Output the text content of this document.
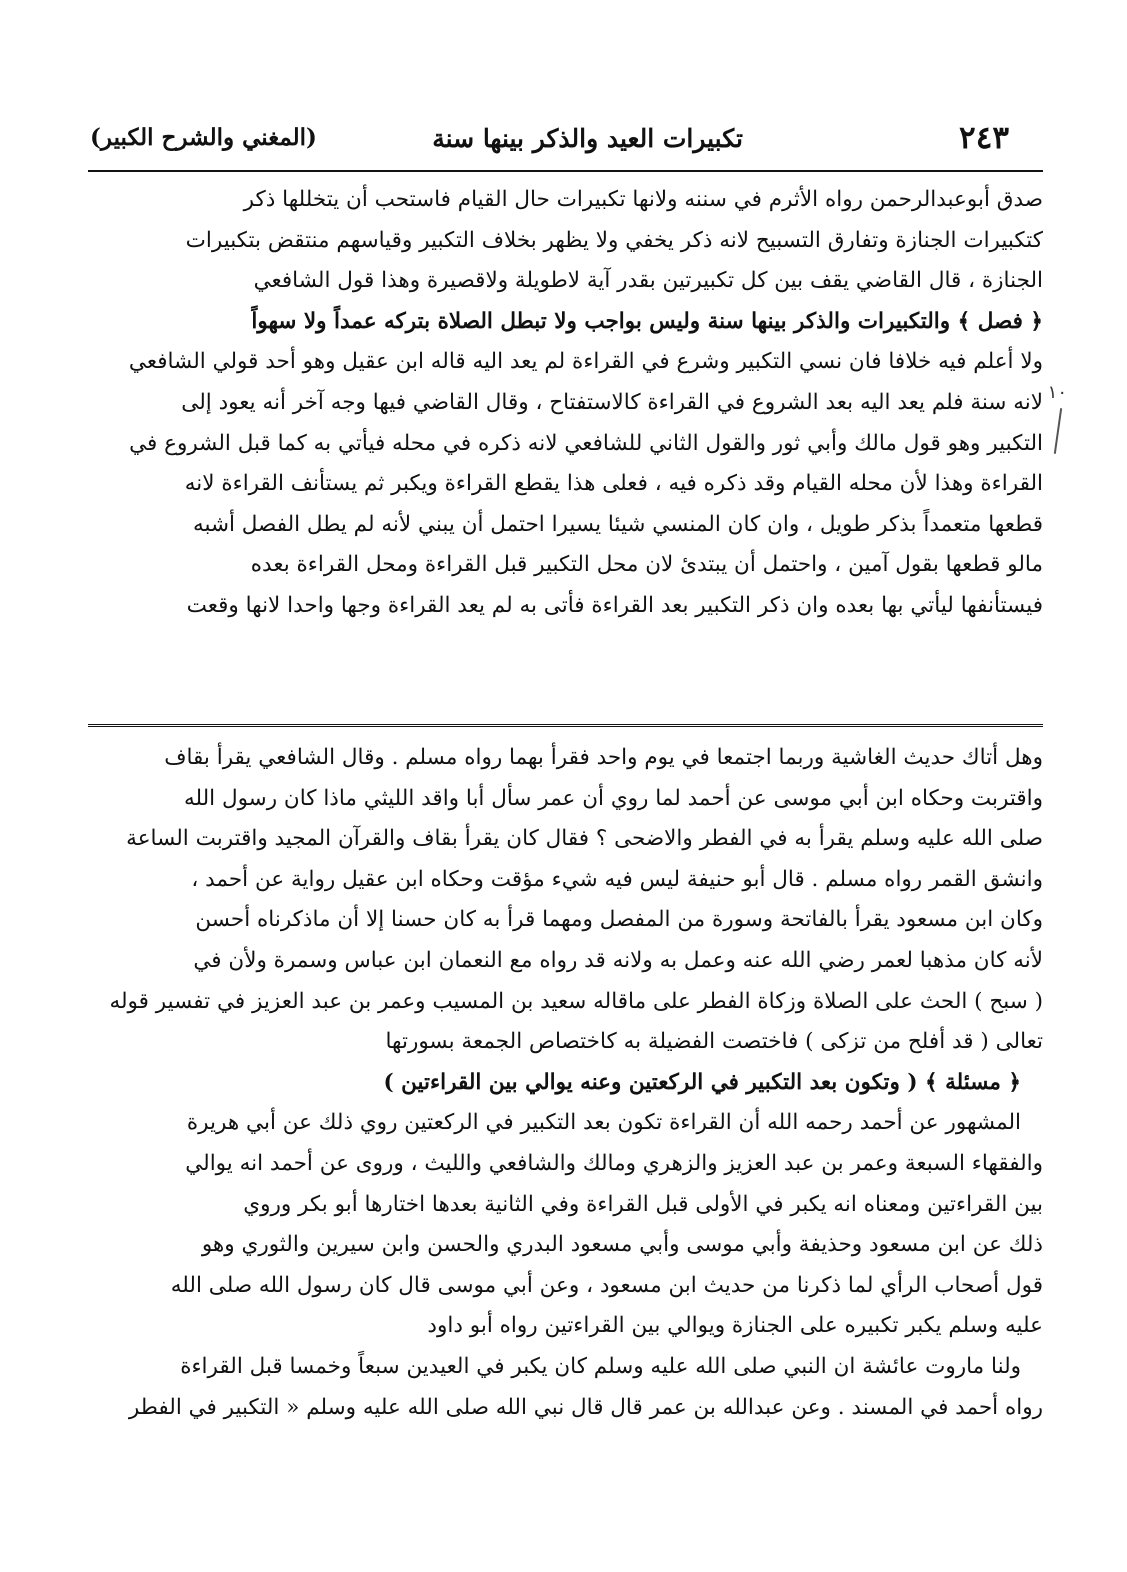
١٠
٢٤٣
تكبيرات العيد والذكر بينها سنة
(المغني والشرح الكبير)
صدق أبوعبدالرحمن رواه الأثرم في سننه ولانها تكبيرات حال القيام فاستحب أن يتخللها ذكر
كتكبيرات الجنازة وتفارق التسبيح لانه ذكر يخفي ولا يظهر بخلاف التكبير وقياسهم منتقض بتكبيرات
الجنازة ، قال القاضي يقف بين كل تكبيرتين بقدر آية لاطويلة ولاقصيرة وهذا قول الشافعي
﴿ فصل ﴾ والتكبيرات والذكر بينها سنة وليس بواجب ولا تبطل الصلاة بتركه عمداً ولا سهواً
ولا أعلم فيه خلافا فان نسي التكبير وشرع في القراءة لم يعد اليه قاله ابن عقيل وهو أحد قولي الشافعي
لانه سنة فلم يعد اليه بعد الشروع في القراءة كالاستفتاح ، وقال القاضي فيها وجه آخر أنه يعود إلى
التكبير وهو قول مالك وأبي ثور والقول الثاني للشافعي لانه ذكره في محله فيأتي به كما قبل الشروع في
القراءة وهذا لأن محله القيام وقد ذكره فيه ، فعلى هذا يقطع القراءة ويكبر ثم يستأنف القراءة لانه
قطعها متعمداً بذكر طويل ، وان كان المنسي شيئا يسيرا احتمل أن يبني لأنه لم يطل الفصل أشبه
مالو قطعها بقول آمين ، واحتمل أن يبتدئ لان محل التكبير قبل القراءة ومحل القراءة بعده
فيستأنفها ليأتي بها بعده وان ذكر التكبير بعد القراءة فأتى به لم يعد القراءة وجها واحدا لانها وقعت
وهل أتاك حديث الغاشية وربما اجتمعا في يوم واحد فقرأ بهما رواه مسلم . وقال الشافعي يقرأ بقاف
واقتربت وحكاه ابن أبي موسى عن أحمد لما روي أن عمر سأل أبا واقد الليثي ماذا كان رسول الله
صلى الله عليه وسلم يقرأ به في الفطر والاضحى ؟ فقال كان يقرأ بقاف والقرآن المجيد واقتربت الساعة
وانشق القمر رواه مسلم . قال أبو حنيفة ليس فيه شيء مؤقت وحكاه ابن عقيل رواية عن أحمد ،
وكان ابن مسعود يقرأ بالفاتحة وسورة من المفصل ومهما قرأ به كان حسنا إلا أن ماذكرناه أحسن
لأنه كان مذهبا لعمر رضي الله عنه وعمل به ولانه قد رواه مع النعمان ابن عباس وسمرة ولأن في
( سبح ) الحث على الصلاة وزكاة الفطر على ماقاله سعيد بن المسيب وعمر بن عبد العزيز في تفسير قوله
تعالى ( قد أفلح من تزكى ) فاختصت الفضيلة به كاختصاص الجمعة بسورتها
﴿ مسئلة ﴾ ( وتكون بعد التكبير في الركعتين وعنه يوالي بين القراءتين )
المشهور عن أحمد رحمه الله أن القراءة تكون بعد التكبير في الركعتين روي ذلك عن أبي هريرة
والفقهاء السبعة وعمر بن عبد العزيز والزهري ومالك والشافعي والليث ، وروى عن أحمد انه يوالي
بين القراءتين ومعناه انه يكبر في الأولى قبل القراءة وفي الثانية بعدها اختارها أبو بكر وروي
ذلك عن ابن مسعود وحذيفة وأبي موسى وأبي مسعود البدري والحسن وابن سيرين والثوري وهو
قول أصحاب الرأي لما ذكرنا من حديث ابن مسعود ، وعن أبي موسى قال كان رسول الله صلى الله
عليه وسلم يكبر تكبيره على الجنازة ويوالي بين القراءتين رواه أبو داود
ولنا ماروت عائشة ان النبي صلى الله عليه وسلم كان يكبر في العيدين سبعاً وخمسا قبل القراءة
رواه أحمد في المسند . وعن عبدالله بن عمر قال قال نبي الله صلى الله عليه وسلم « التكبير في الفطر
